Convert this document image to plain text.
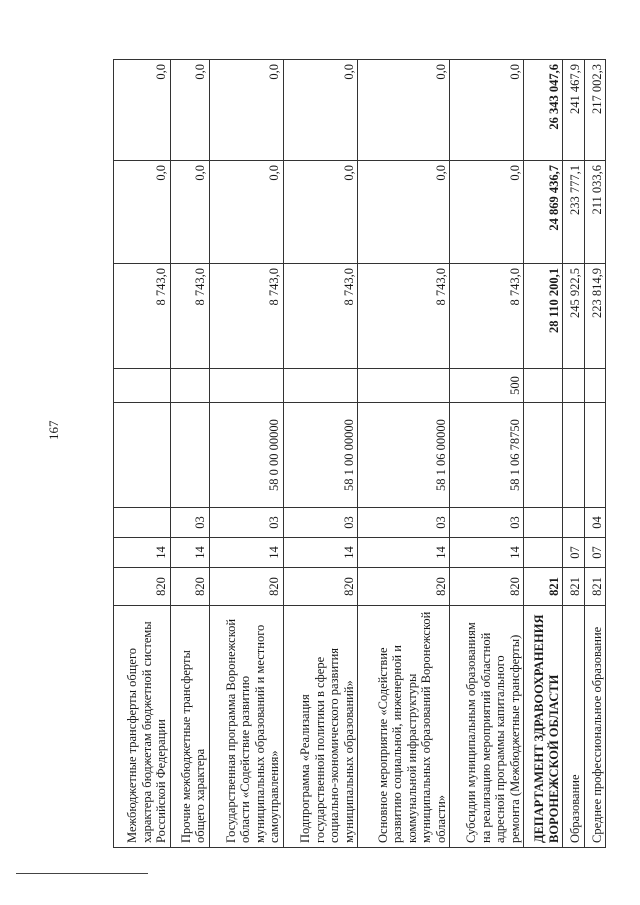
167
Межбюджетные трансферты общего характера бюджетам бюджетной системы Российской Федерации	820	14				8 743,0	0,0	0,0
Прочие межбюджетные трансферты общего характера	820	14	03			8 743,0	0,0	0,0
Государственная программа Воронежской области «Содействие развитию муниципальных образований и местного самоуправления»	820	14	03	58 0 00 00000		8 743,0	0,0	0,0
Подпрограмма «Реализация государственной политики в сфере социально-экономического развития муниципальных образований»	820	14	03	58 1 00 00000		8 743,0	0,0	0,0
Основное мероприятие «Содействие развитию социальной, инженерной и коммунальной инфраструктуры муниципальных образований Воронежской области»	820	14	03	58 1 06 00000		8 743,0	0,0	0,0
Субсидии муниципальным образованиям на реализацию мероприятий областной адресной программы капитального ремонта (Межбюджетные трансферты)	820	14	03	58 1 06 78750	500	8 743,0	0,0	0,0
ДЕПАРТАМЕНТ ЗДРАВООХРАНЕНИЯ ВОРОНЕЖСКОЙ ОБЛАСТИ	821					28 110 200,1	24 869 436,7	26 343 047,6
Образование	821	07				245 922,5	233 777,1	241 467,9
Среднее профессиональное образование	821	07	04			223 814,9	211 033,6	217 002,3
